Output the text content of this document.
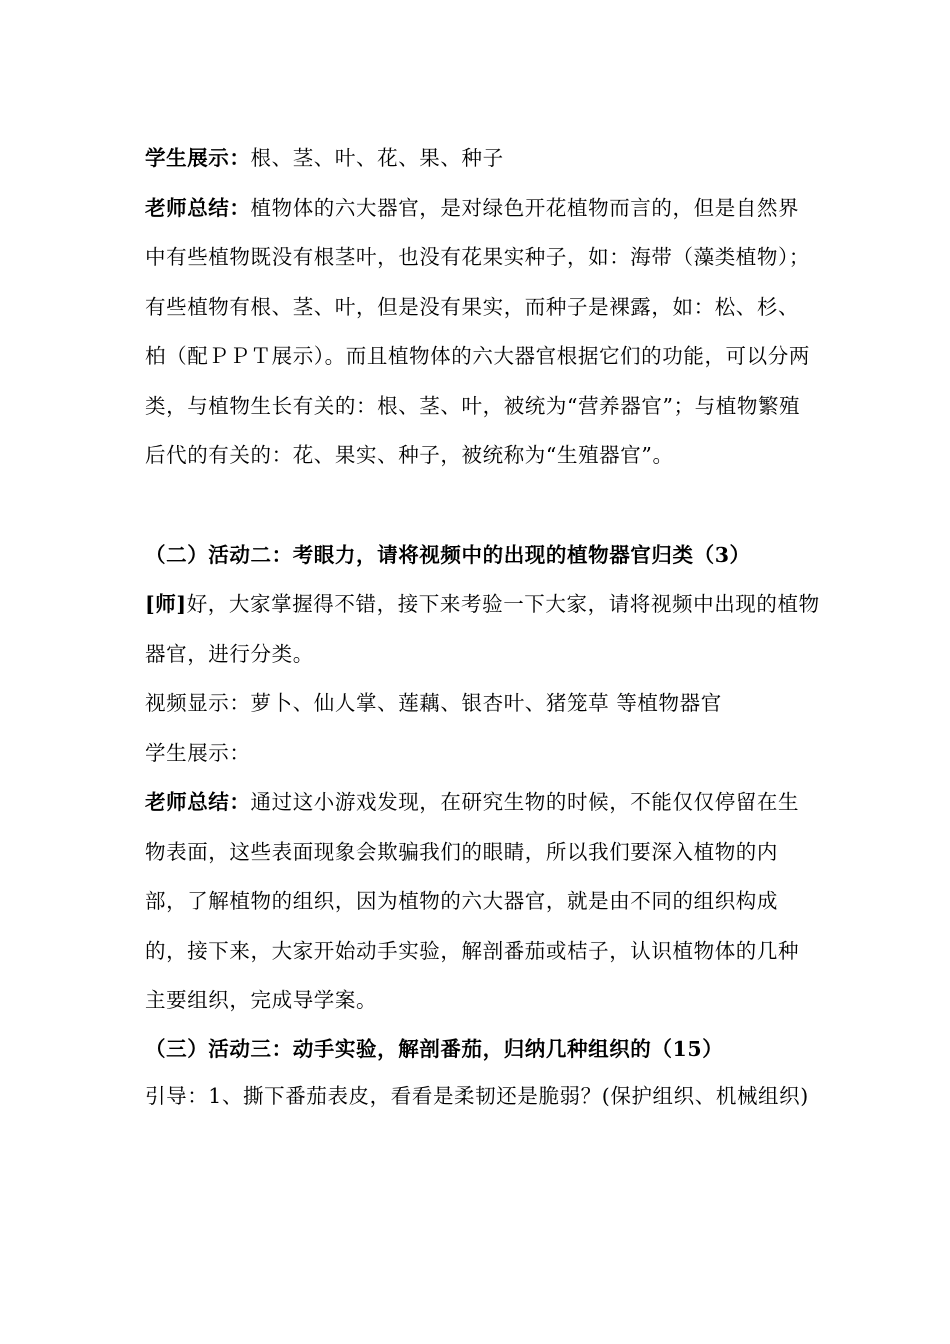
学生展示：根、茎、叶、花、果、种子

老师总结：植物体的六大器官，是对绿色开花植物而言的，但是自然界中有些植物既没有根茎叶，也没有花果实种子，如：海带（藻类植物）；有些植物有根、茎、叶，但是没有果实，而种子是裸露，如：松、杉、柏（配ＰＰＴ展示）。而且植物体的六大器官根据它们的功能，可以分两类，与植物生长有关的：根、茎、叶，被统为“营养器官”；与植物繁殖后代的有关的：花、果实、种子，被统称为“生殖器官”。

（二）活动二：考眼力，请将视频中的出现的植物器官归类（3）

[师]好，大家掌握得不错，接下来考验一下大家，请将视频中出现的植物器官，进行分类。

视频显示：萝卜、仙人掌、莲藕、银杏叶、猪笼草 等植物器官

学生展示：

老师总结：通过这小游戏发现，在研究生物的时候，不能仅仅停留在生物表面，这些表面现象会欺骗我们的眼睛，所以我们要深入植物的内部，了解植物的组织，因为植物的六大器官，就是由不同的组织构成的，接下来，大家开始动手实验，解剖番茄或桔子，认识植物体的几种主要组织，完成导学案。

（三）活动三：动手实验，解剖番茄，归纳几种组织的（15）

引导：1、撕下番茄表皮，看看是柔韧还是脆弱？(保护组织、机械组织)
